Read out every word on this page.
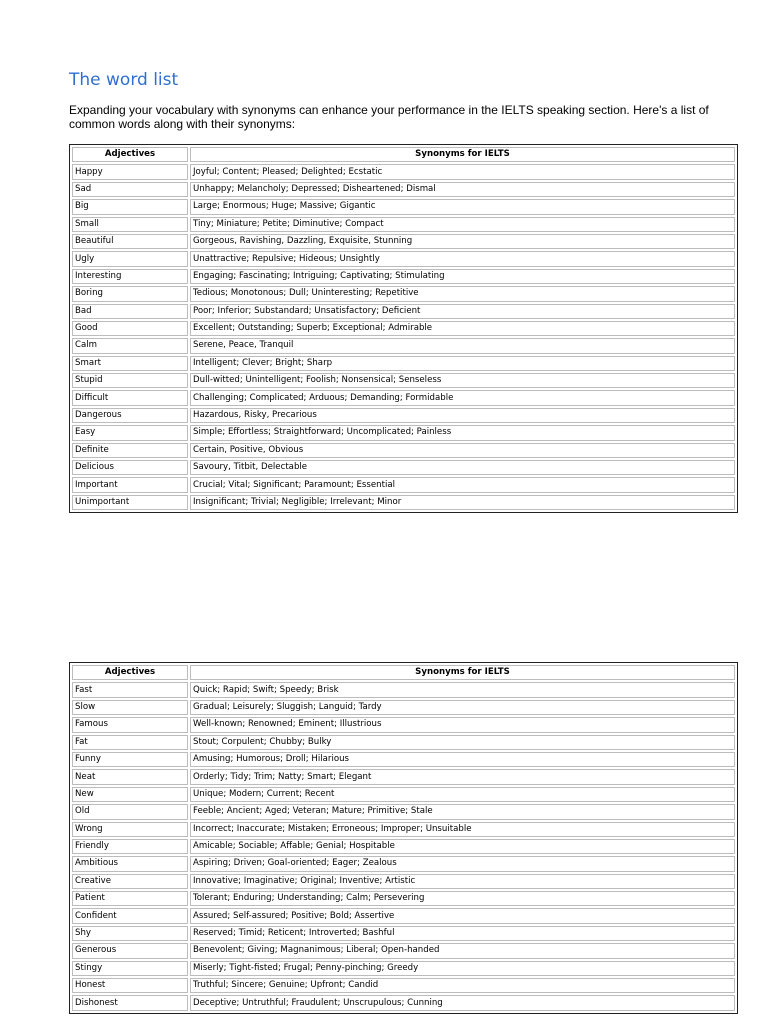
The word list

Expanding your vocabulary with synonyms can enhance your performance in the IELTS speaking section. Here's a list of common words along with their synonyms:

Adjectives	Synonyms for IELTS
Happy	Joyful; Content; Pleased; Delighted; Ecstatic
Sad	Unhappy; Melancholy; Depressed; Disheartened; Dismal
Big	Large; Enormous; Huge; Massive; Gigantic
Small	Tiny; Miniature; Petite; Diminutive; Compact
Beautiful	Gorgeous, Ravishing, Dazzling, Exquisite, Stunning
Ugly	Unattractive; Repulsive; Hideous; Unsightly
Interesting	Engaging; Fascinating; Intriguing; Captivating; Stimulating
Boring	Tedious; Monotonous; Dull; Uninteresting; Repetitive
Bad	Poor; Inferior; Substandard; Unsatisfactory; Deficient
Good	Excellent; Outstanding; Superb; Exceptional; Admirable
Calm	Serene, Peace, Tranquil
Smart	Intelligent; Clever; Bright; Sharp
Stupid	Dull-witted; Unintelligent; Foolish; Nonsensical; Senseless
Difficult	Challenging; Complicated; Arduous; Demanding; Formidable
Dangerous	Hazardous, Risky, Precarious
Easy	Simple; Effortless; Straightforward; Uncomplicated; Painless
Definite	Certain, Positive, Obvious
Delicious	Savoury, Titbit, Delectable
Important	Crucial; Vital; Significant; Paramount; Essential
Unimportant	Insignificant; Trivial; Negligible; Irrelevant; Minor
Adjectives	Synonyms for IELTS
Fast	Quick; Rapid; Swift; Speedy; Brisk
Slow	Gradual; Leisurely; Sluggish; Languid; Tardy
Famous	Well-known; Renowned; Eminent; Illustrious
Fat	Stout; Corpulent; Chubby; Bulky
Funny	Amusing; Humorous; Droll; Hilarious
Neat	Orderly; Tidy; Trim; Natty; Smart; Elegant
New	Unique; Modern; Current; Recent
Old	Feeble; Ancient; Aged; Veteran; Mature; Primitive; Stale
Wrong	Incorrect; Inaccurate; Mistaken; Erroneous; Improper; Unsuitable
Friendly	Amicable; Sociable; Affable; Genial; Hospitable
Ambitious	Aspiring; Driven; Goal-oriented; Eager; Zealous
Creative	Innovative; Imaginative; Original; Inventive; Artistic
Patient	Tolerant; Enduring; Understanding; Calm; Persevering
Confident	Assured; Self-assured; Positive; Bold; Assertive
Shy	Reserved; Timid; Reticent; Introverted; Bashful
Generous	Benevolent; Giving; Magnanimous; Liberal; Open-handed
Stingy	Miserly; Tight-fisted; Frugal; Penny-pinching; Greedy
Honest	Truthful; Sincere; Genuine; Upfront; Candid
Dishonest	Deceptive; Untruthful; Fraudulent; Unscrupulous; Cunning
